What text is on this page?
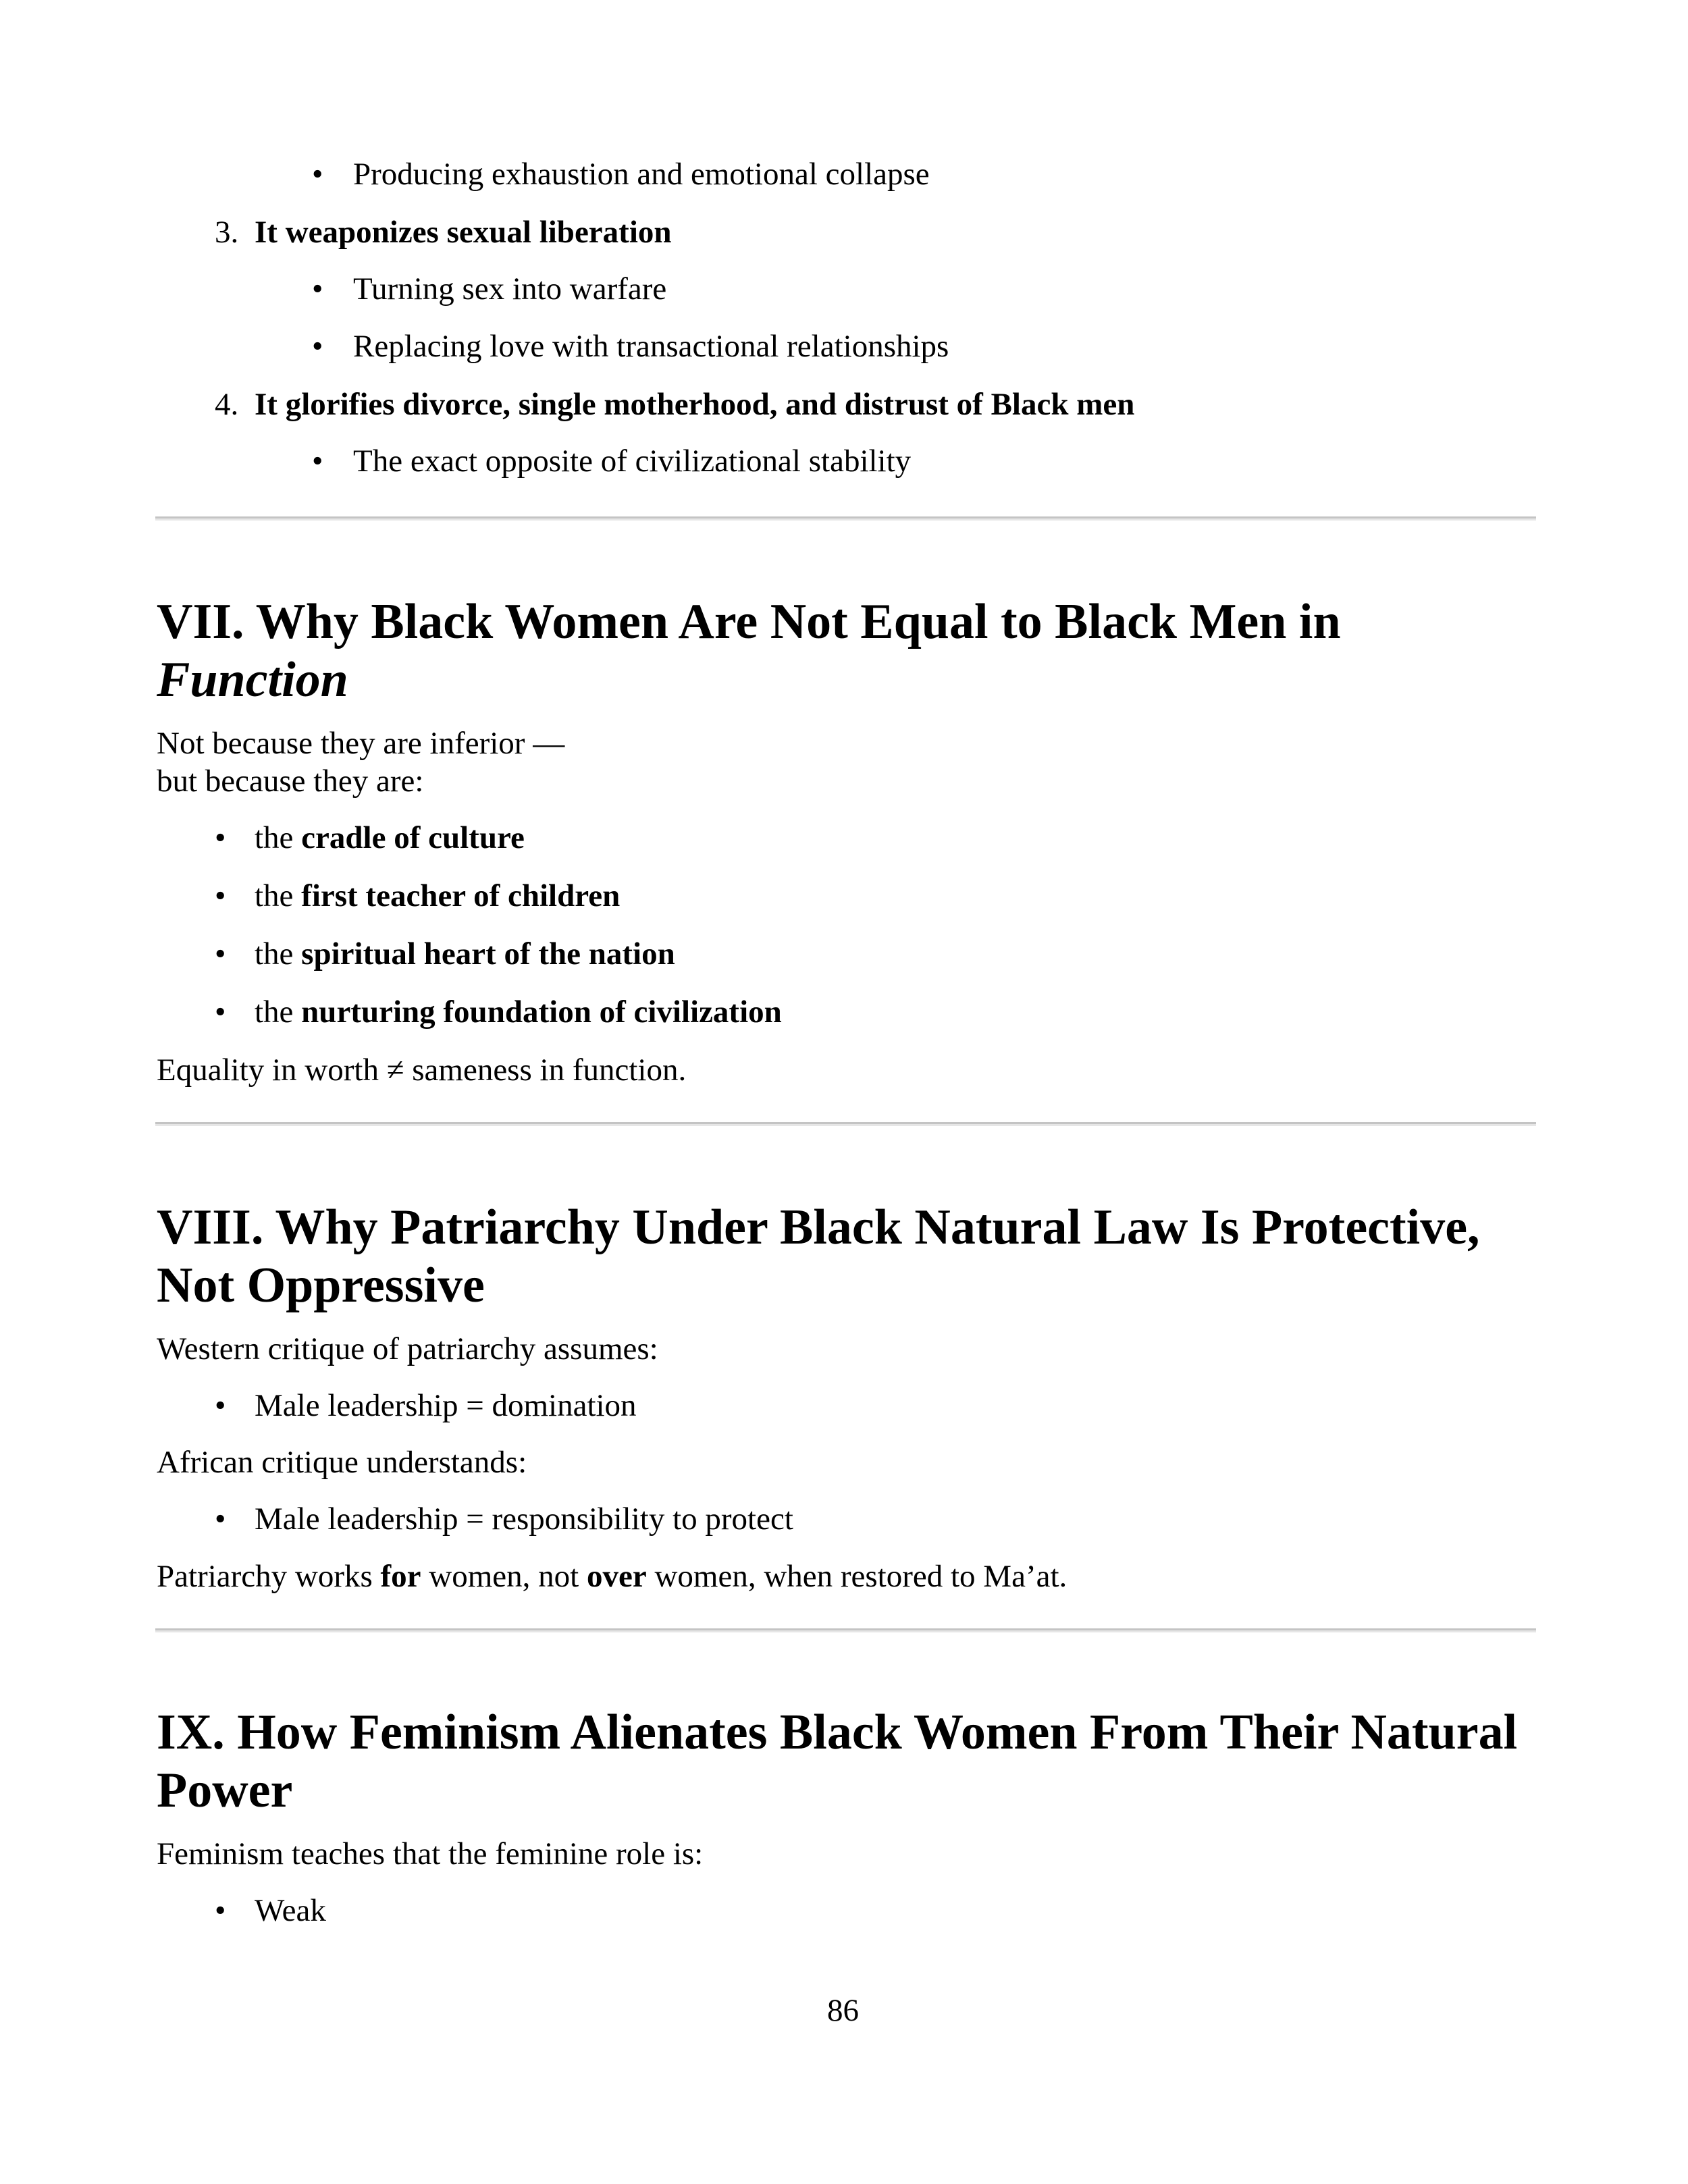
• Producing exhaustion and emotional collapse
3. It weaponizes sexual liberation
• Turning sex into warfare
• Replacing love with transactional relationships
4. It glorifies divorce, single motherhood, and distrust of Black men
• The exact opposite of civilizational stability
VII. Why Black Women Are Not Equal to Black Men in
Function
Not because they are inferior —
but because they are:
• the cradle of culture
• the first teacher of children
• the spiritual heart of the nation
• the nurturing foundation of civilization
Equality in worth ≠ sameness in function.
VIII. Why Patriarchy Under Black Natural Law Is Protective,
Not Oppressive
Western critique of patriarchy assumes:
• Male leadership = domination
African critique understands:
• Male leadership = responsibility to protect
Patriarchy works for women, not over women, when restored to Ma’at.
IX. How Feminism Alienates Black Women From Their Natural
Power
Feminism teaches that the feminine role is:
• Weak
86
